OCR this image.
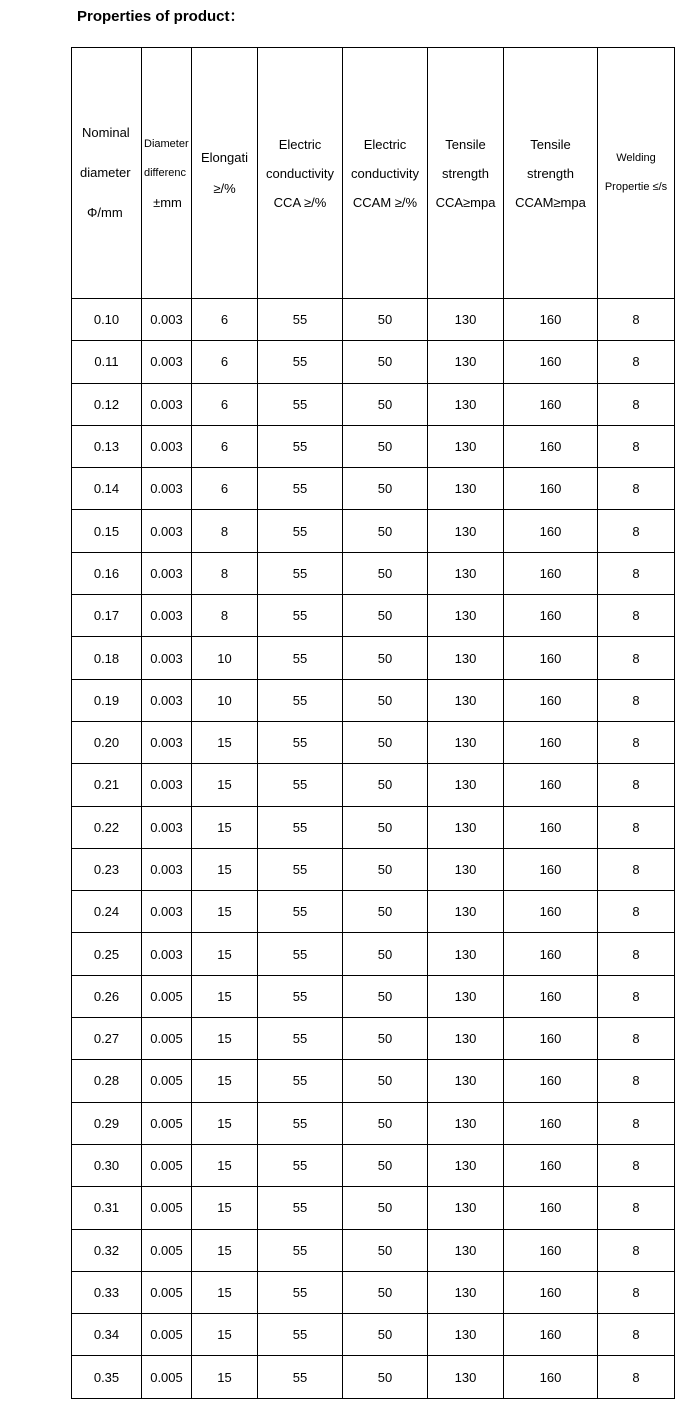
Properties of product：
Nominal
diameter
Φ/mm	Diameter
differenc
±mm	Elongati
≥/%	Electric
conductivity
CCA ≥/%	Electric
conductivity
CCAM ≥/%	Tensile
strength
CCA≥mpa	Tensile
strength
CCAM≥mpa	Welding
Propertie ≤/s

0.10	0.003	6	55	50	130	160	8
0.11	0.003	6	55	50	130	160	8
0.12	0.003	6	55	50	130	160	8
0.13	0.003	6	55	50	130	160	8
0.14	0.003	6	55	50	130	160	8
0.15	0.003	8	55	50	130	160	8
0.16	0.003	8	55	50	130	160	8
0.17	0.003	8	55	50	130	160	8
0.18	0.003	10	55	50	130	160	8
0.19	0.003	10	55	50	130	160	8
0.20	0.003	15	55	50	130	160	8
0.21	0.003	15	55	50	130	160	8
0.22	0.003	15	55	50	130	160	8
0.23	0.003	15	55	50	130	160	8
0.24	0.003	15	55	50	130	160	8
0.25	0.003	15	55	50	130	160	8
0.26	0.005	15	55	50	130	160	8
0.27	0.005	15	55	50	130	160	8
0.28	0.005	15	55	50	130	160	8
0.29	0.005	15	55	50	130	160	8
0.30	0.005	15	55	50	130	160	8
0.31	0.005	15	55	50	130	160	8
0.32	0.005	15	55	50	130	160	8
0.33	0.005	15	55	50	130	160	8
0.34	0.005	15	55	50	130	160	8
0.35	0.005	15	55	50	130	160	8
